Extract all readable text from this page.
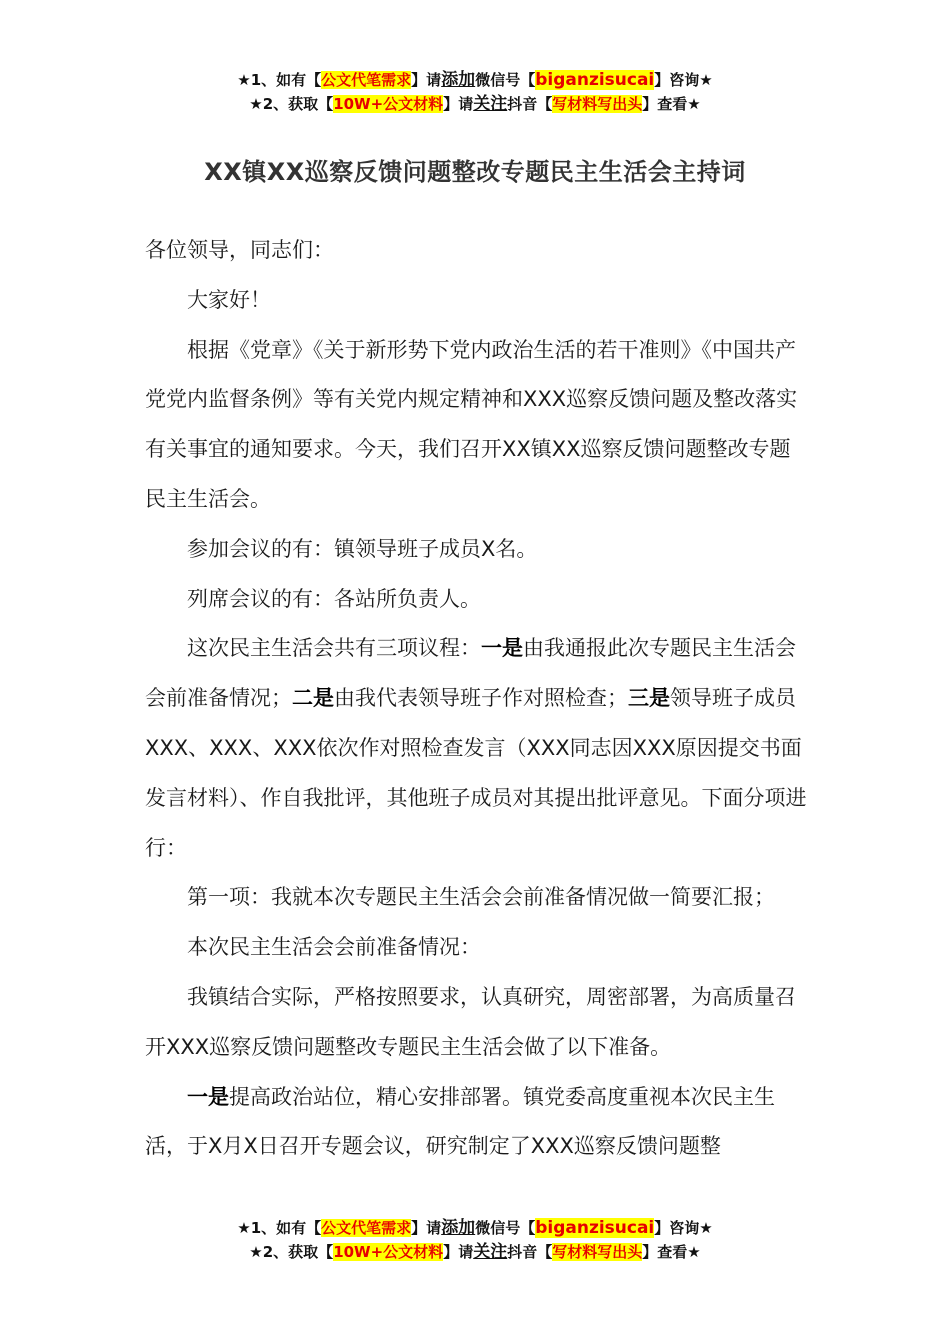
★1、如有【公文代笔需求】请添加微信号【biganzisucai】咨询★
★2、获取【10W+公文材料】请关注抖音【写材料写出头】查看★
XX镇XX巡察反馈问题整改专题民主生活会主持词

各位领导，同志们：

大家好！

根据《党章》《关于新形势下党内政治生活的若干准则》《中国共产党党内监督条例》等有关党内规定精神和XXX巡察反馈问题及整改落实有关事宜的通知要求。今天，我们召开XX镇XX巡察反馈问题整改专题民主生活会。

参加会议的有：镇领导班子成员X名。

列席会议的有：各站所负责人。

这次民主生活会共有三项议程：一是由我通报此次专题民主生活会会前准备情况；二是由我代表领导班子作对照检查；三是领导班子成员XXX、XXX、XXX依次作对照检查发言（XXX同志因XXX原因提交书面发言材料）、作自我批评，其他班子成员对其提出批评意见。下面分项进行：

第一项：我就本次专题民主生活会会前准备情况做一简要汇报；

本次民主生活会会前准备情况：

我镇结合实际，严格按照要求，认真研究，周密部署，为高质量召开XXX巡察反馈问题整改专题民主生活会做了以下准备。

一是提高政治站位，精心安排部署。镇党委高度重视本次民主生活，于X月X日召开专题会议，研究制定了XXX巡察反馈问题整

★1、如有【公文代笔需求】请添加微信号【biganzisucai】咨询★
★2、获取【10W+公文材料】请关注抖音【写材料写出头】查看★
